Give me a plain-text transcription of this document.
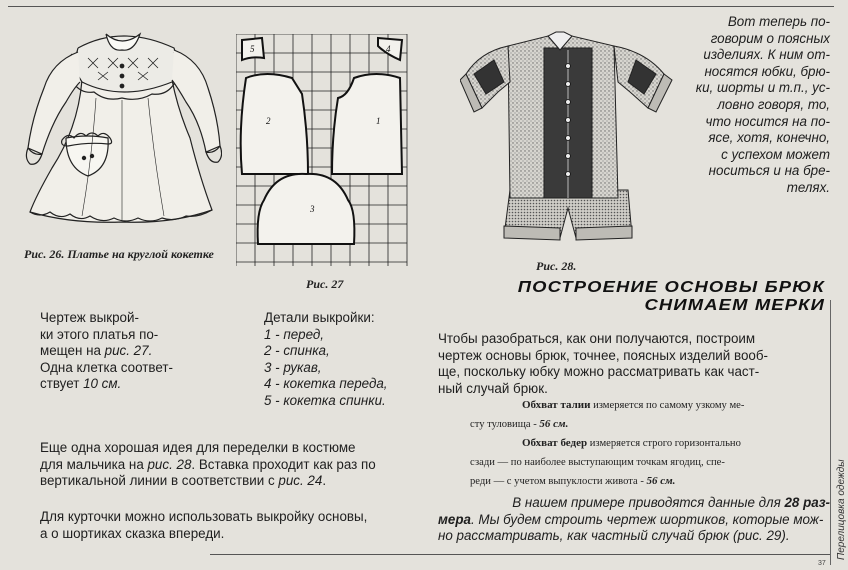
Рис. 26. Платье на круглой кокетке
5	4
2	1
3
Рис. 27
Рис. 28.
Вот теперь по-
говорим о поясных
изделиях. К ним от-
носятся юбки, брю-
ки, шорты и т.п., ус-
ловно говоря, то,
что носится на по-
ясе, хотя, конечно,
с успехом может
носиться и на бре-
телях.
ПОСТРОЕНИЕ ОСНОВЫ БРЮК
СНИМАЕМ МЕРКИ
Чертеж выкрой-
ки этого платья по-
мещен на рис. 27.
Одна клетка соответ-
ствует 10 см.
Детали выкройки:
1 - перед,
2 - спинка,
3 - рукав,
4 - кокетка переда,
5 - кокетка спинки.
Еще одна хорошая идея для переделки в костюме
для мальчика на рис. 28. Вставка проходит как раз по
вертикальной линии в соответствии с рис. 24.
Для курточки можно использовать выкройку основы,
а о шортиках сказка впереди.
Чтобы разобраться, как они получаются, построим
чертеж основы брюк, точнее, поясных изделий вооб-
ще, поскольку юбку можно рассматривать как част-
ный случай брюк.
Обхват талии измеряется по самому узкому ме-
сту туловища - 56 см.
Обхват бедер измеряется строго горизонтально
сзади — по наиболее выступающим точкам ягодиц, спе-
реди — с учетом выпуклости живота - 56 см.
В нашем примере приводятся данные для 28 раз-
мера. Мы будем строить чертеж шортиков, которые мож-
но рассматривать, как частный случай брюк (рис. 29).	Перелицовка одежды
37
